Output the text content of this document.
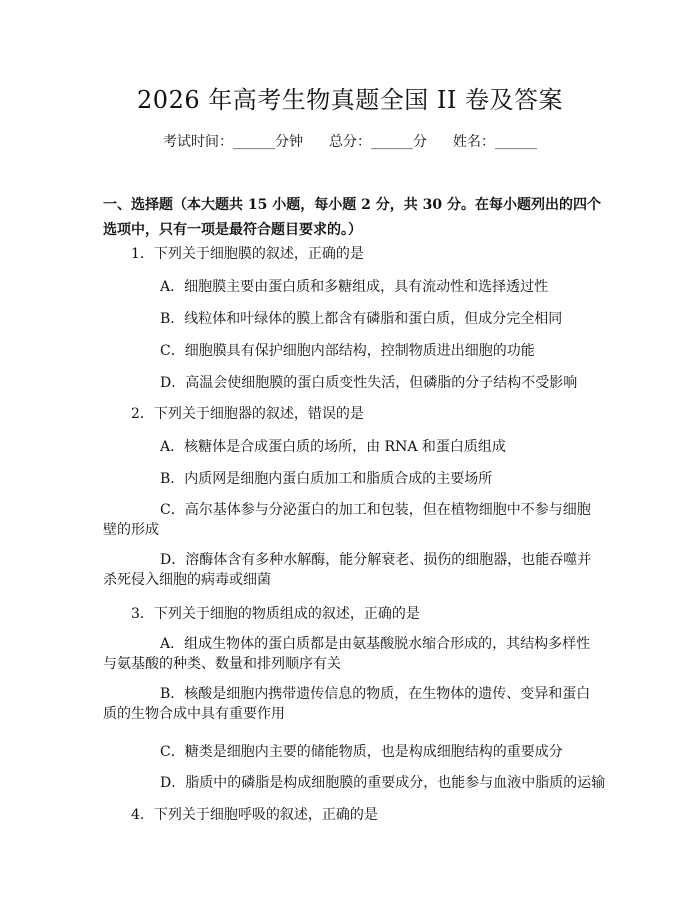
2026 年高考生物真题全国 II 卷及答案
考试时间：______分钟 总分：______分 姓名：______
一、选择题（本大题共 15 小题，每小题 2 分，共 30 分。在每小题列出的四个选项中，只有一项是最符合题目要求的。）
1．下列关于细胞膜的叙述，正确的是
A．细胞膜主要由蛋白质和多糖组成，具有流动性和选择透过性
B．线粒体和叶绿体的膜上都含有磷脂和蛋白质，但成分完全相同
C．细胞膜具有保护细胞内部结构，控制物质进出细胞的功能
D．高温会使细胞膜的蛋白质变性失活，但磷脂的分子结构不受影响
2．下列关于细胞器的叙述，错误的是
A．核糖体是合成蛋白质的场所，由 RNA 和蛋白质组成
B．内质网是细胞内蛋白质加工和脂质合成的主要场所
C．高尔基体参与分泌蛋白的加工和包装，但在植物细胞中不参与细胞壁的形成
D．溶酶体含有多种水解酶，能分解衰老、损伤的细胞器，也能吞噬并杀死侵入细胞的病毒或细菌
3．下列关于细胞的物质组成的叙述，正确的是
A．组成生物体的蛋白质都是由氨基酸脱水缩合形成的，其结构多样性与氨基酸的种类、数量和排列顺序有关
B．核酸是细胞内携带遗传信息的物质，在生物体的遗传、变异和蛋白质的生物合成中具有重要作用
C．糖类是细胞内主要的储能物质，也是构成细胞结构的重要成分
D．脂质中的磷脂是构成细胞膜的重要成分，也能参与血液中脂质的运输
4．下列关于细胞呼吸的叙述，正确的是
